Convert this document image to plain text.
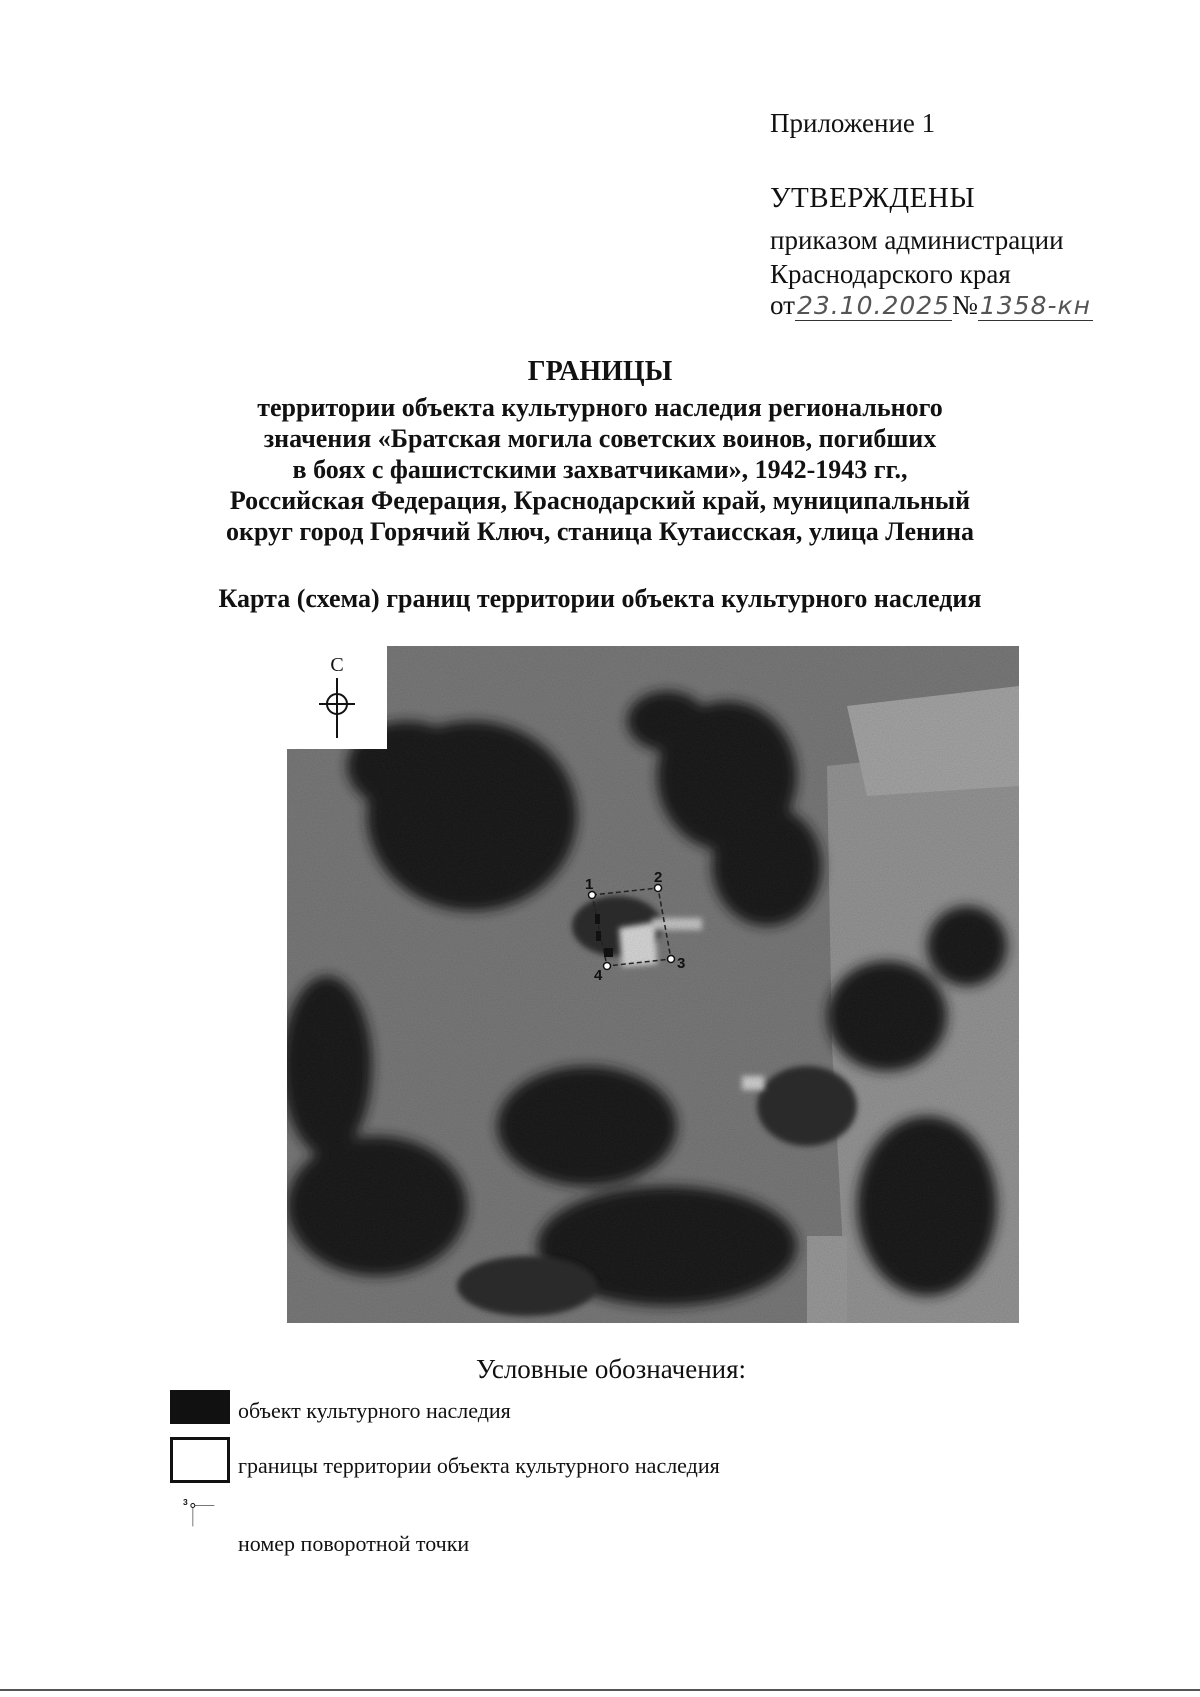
Приложение 1
УТВЕРЖДЕНЫ
приказом администрации
Краснодарского края
от23.10.2025№1358-кн
ГРАНИЦЫ
территории объекта культурного наследия регионального
значения «Братская могила советских воинов, погибших
в боях с фашистскими захватчиками», 1942-1943 гг.,
Российская Федерация, Краснодарский край, муниципальный
округ город Горячий Ключ, станица Кутаисская, улица Ленина
Карта (схема) границ территории объекта культурного наследия
С
1	2
3
4
Условные обозначения:
объект культурного наследия
границы территории объекта культурного наследия
3
номер поворотной точки
